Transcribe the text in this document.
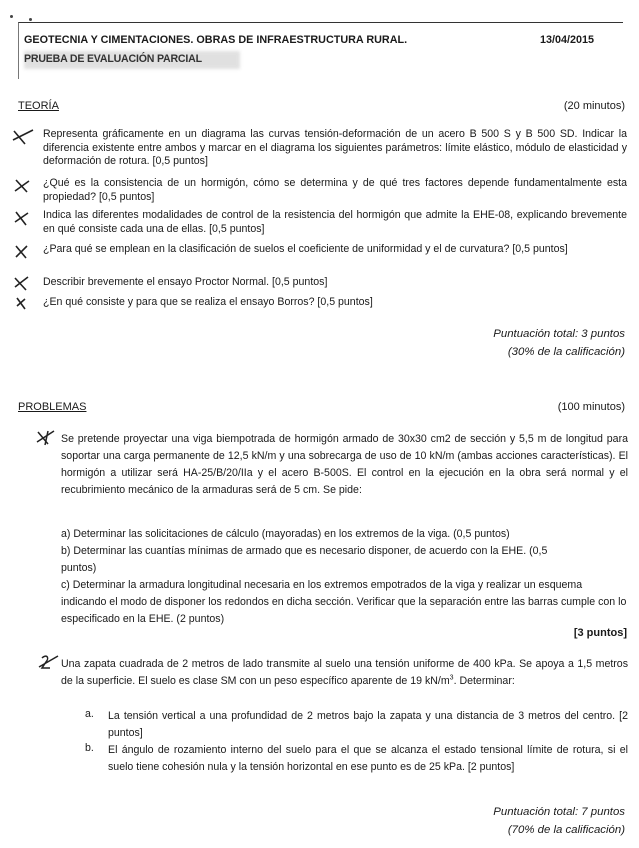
GEOTECNIA Y CIMENTACIONES. OBRAS DE INFRAESTRUCTURA RURAL.	13/04/2015
PRUEBA DE EVALUACIÓN PARCIAL
TEORÍA	(20 minutos)
Representa gráficamente en un diagrama las curvas tensión-deformación de un acero B 500 S y B 500 SD. Indicar la diferencia existente entre ambos y marcar en el diagrama los siguientes parámetros: límite elástico, módulo de elasticidad y deformación de rotura. [0,5 puntos]
¿Qué es la consistencia de un hormigón, cómo se determina y de qué tres factores depende fundamentalmente esta propiedad? [0,5 puntos]
Indica las diferentes modalidades de control de la resistencia del hormigón que admite la EHE-08, explicando brevemente en qué consiste cada una de ellas. [0,5 puntos]
¿Para qué se emplean en la clasificación de suelos el coeficiente de uniformidad y el de curvatura? [0,5 puntos]
Describir brevemente el ensayo Proctor Normal. [0,5 puntos]
¿En qué consiste y para que se realiza el ensayo Borros? [0,5 puntos]
Puntuación total: 3 puntos
(30% de la calificación)
PROBLEMAS	(100 minutos)
Se pretende proyectar una viga biempotrada de hormigón armado de 30x30 cm2 de sección y 5,5 m de longitud para soportar una carga permanente de 12,5 kN/m y una sobrecarga de uso de 10 kN/m (ambas acciones características). El hormigón a utilizar será HA-25/B/20/IIa y el acero B-500S. El control en la ejecución en la obra será normal y el recubrimiento mecánico de la armaduras será de 5 cm. Se pide:
a) Determinar las solicitaciones de cálculo (mayoradas) en los extremos de la viga. (0,5 puntos)
b) Determinar las cuantías mínimas de armado que es necesario disponer, de acuerdo con la EHE. (0,5 puntos)
c) Determinar la armadura longitudinal necesaria en los extremos empotrados de la viga y realizar un esquema indicando el modo de disponer los redondos en dicha sección. Verificar que la separación entre las barras cumple con lo especificado en la EHE. (2 puntos)
[3 puntos]
Una zapata cuadrada de 2 metros de lado transmite al suelo una tensión uniforme de 400 kPa. Se apoya a 1,5 metros de la superficie. El suelo es clase SM con un peso específico aparente de 19 $kN/m^3$. Determinar:
a. La tensión vertical a una profundidad de 2 metros bajo la zapata y una distancia de 3 metros del centro. [2 puntos]
b. El ángulo de rozamiento interno del suelo para el que se alcanza el estado tensional límite de rotura, si el suelo tiene cohesión nula y la tensión horizontal en ese punto es de 25 kPa. [2 puntos]
Puntuación total: 7 puntos
(70% de la calificación)
